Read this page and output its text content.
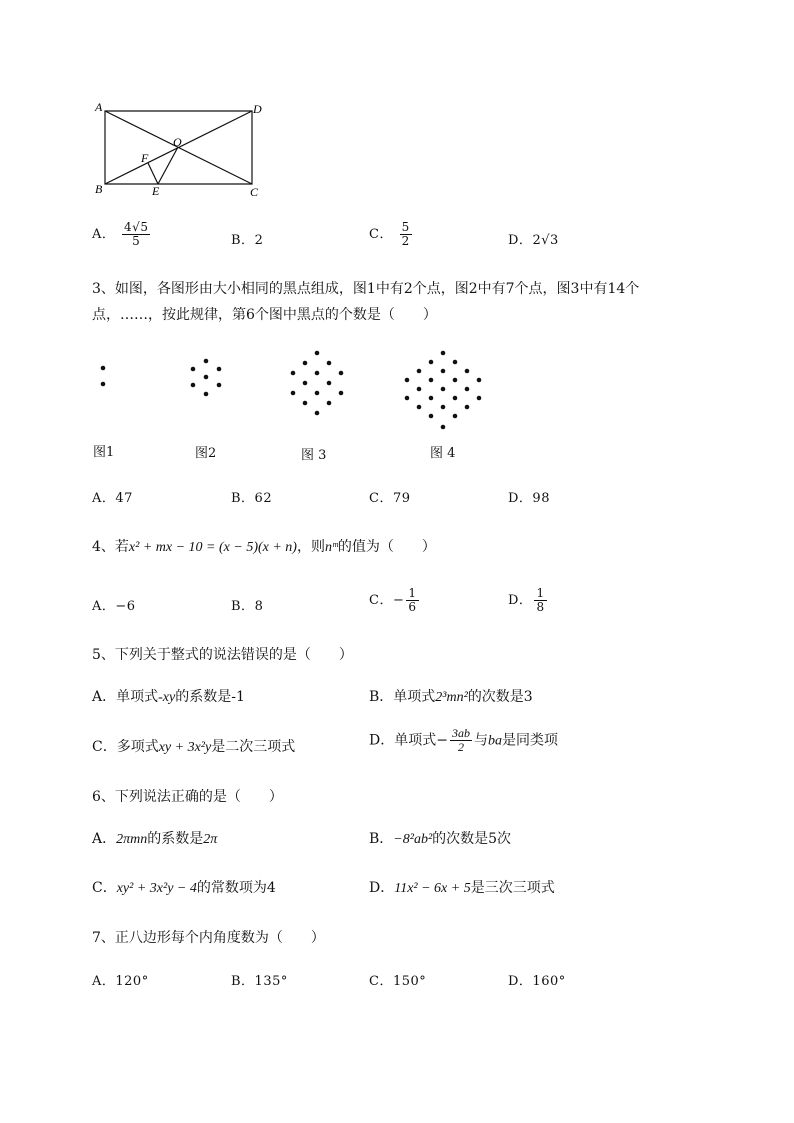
A	D
B	C
O
F
E
A． $\frac{4√5}{5}$	B．2	C． $\frac{5}{2}$	D．2√3
3、如图，各图形由大小相同的黑点组成，图1中有2个点，图2中有7个点，图3中有14个
点，……，按此规律，第6个图中黑点的个数是（　　）
图1	图2	图 3	图 4
A．47	B．62	C．79	D．98
4、若x² + mx − 10 = (x − 5)(x + n)，则nᵐ的值为（　　）
A．−6	B．8	C．− $\frac{1}{6}$	D． $\frac{1}{8}$
5、下列关于整式的说法错误的是（　　）
A．单项式-xy的系数是-1	B．单项式2³mn²的次数是3
C．多项式xy + 3x²y是二次三项式	D．单项式− $\frac{3ab}{2}$ 与ba是同类项
6、下列说法正确的是（　　）
A．2πmn的系数是2π	B．−8²ab²的次数是5次
C．xy² + 3x²y − 4的常数项为4	D．11x² − 6x + 5是三次三项式
7、正八边形每个内角度数为（　　）
A．120°	B．135°	C．150°	D．160°
